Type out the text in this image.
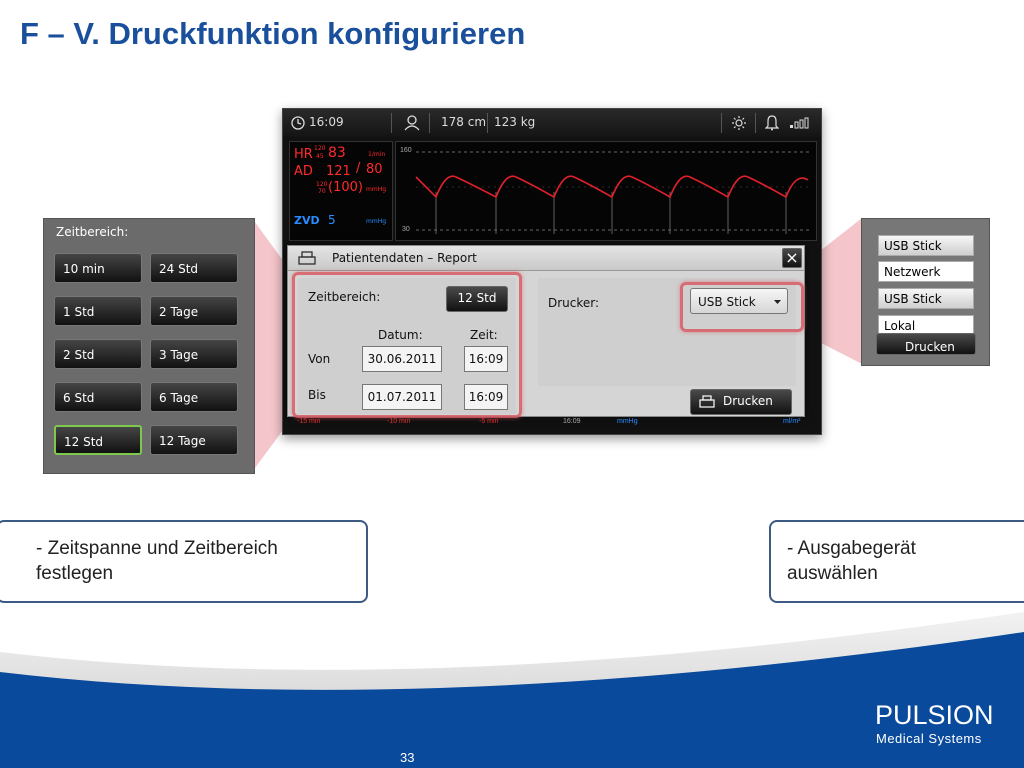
F – V. Druckfunktion konfigurieren
16:09	178 cm 123 kg
HR 120
45 83	1/min
AD 121 / 80
120
70 (100) mmHg
ZVD 5	mmHg
160
30
Patientendaten – Report	×
Zeitbereich:	12 Std
Datum:	Zeit:
Von	30.06.2011	16:09
Bis	01.07.2011	16:09
Drucker:	USB Stick
Drucken
-15 min	-10 min	-5 min	16:09	mmHg	ml/m²
Zeitbereich:
10 min	24 Std
1 Std	2 Tage
2 Std	3 Tage
6 Std	6 Tage
12 Std	12 Tage
USB Stick
Netzwerk
USB Stick
Lokal
Drucken
- Zeitspanne und Zeitbereich
festlegen
- Ausgabegerät
auswählen
PULSION
Medical Systems
33
